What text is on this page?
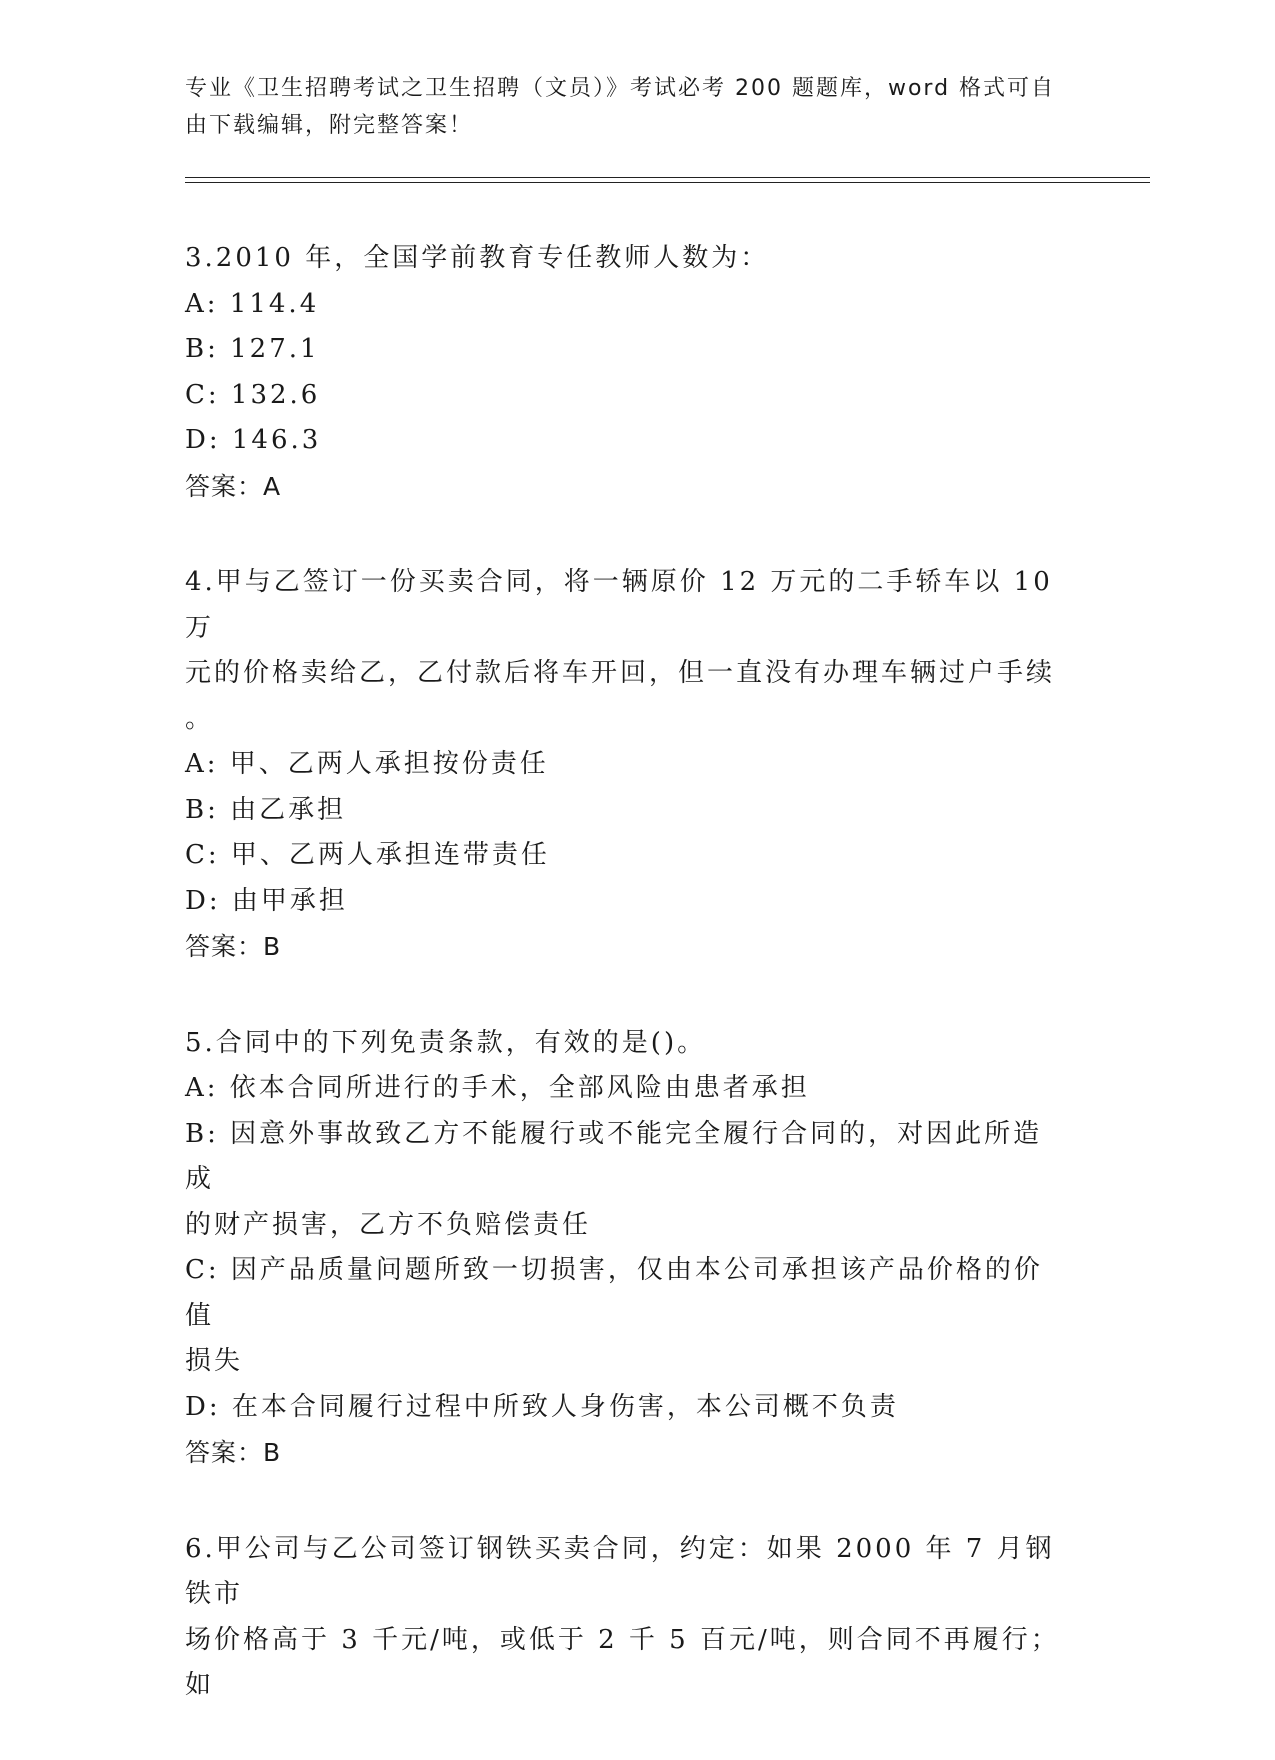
专业《卫生招聘考试之卫生招聘（文员）》考试必考 200 题题库，word 格式可自
由下载编辑，附完整答案！
3.2010 年，全国学前教育专任教师人数为：
A: 114.4
B: 127.1
C: 132.6
D: 146.3
答案：A
4.甲与乙签订一份买卖合同，将一辆原价 12 万元的二手轿车以 10 万
元的价格卖给乙，乙付款后将车开回，但一直没有办理车辆过户手续
。
A: 甲、乙两人承担按份责任
B: 由乙承担
C: 甲、乙两人承担连带责任
D: 由甲承担
答案：B
5.合同中的下列免责条款，有效的是()。
A: 依本合同所进行的手术，全部风险由患者承担
B: 因意外事故致乙方不能履行或不能完全履行合同的，对因此所造成
的财产损害，乙方不负赔偿责任
C: 因产品质量问题所致一切损害，仅由本公司承担该产品价格的价值
损失
D: 在本合同履行过程中所致人身伤害，本公司概不负责
答案：B
6.甲公司与乙公司签订钢铁买卖合同，约定：如果 2000 年 7 月钢铁市
场价格高于 3 千元/吨，或低于 2 千 5 百元/吨，则合同不再履行；如
